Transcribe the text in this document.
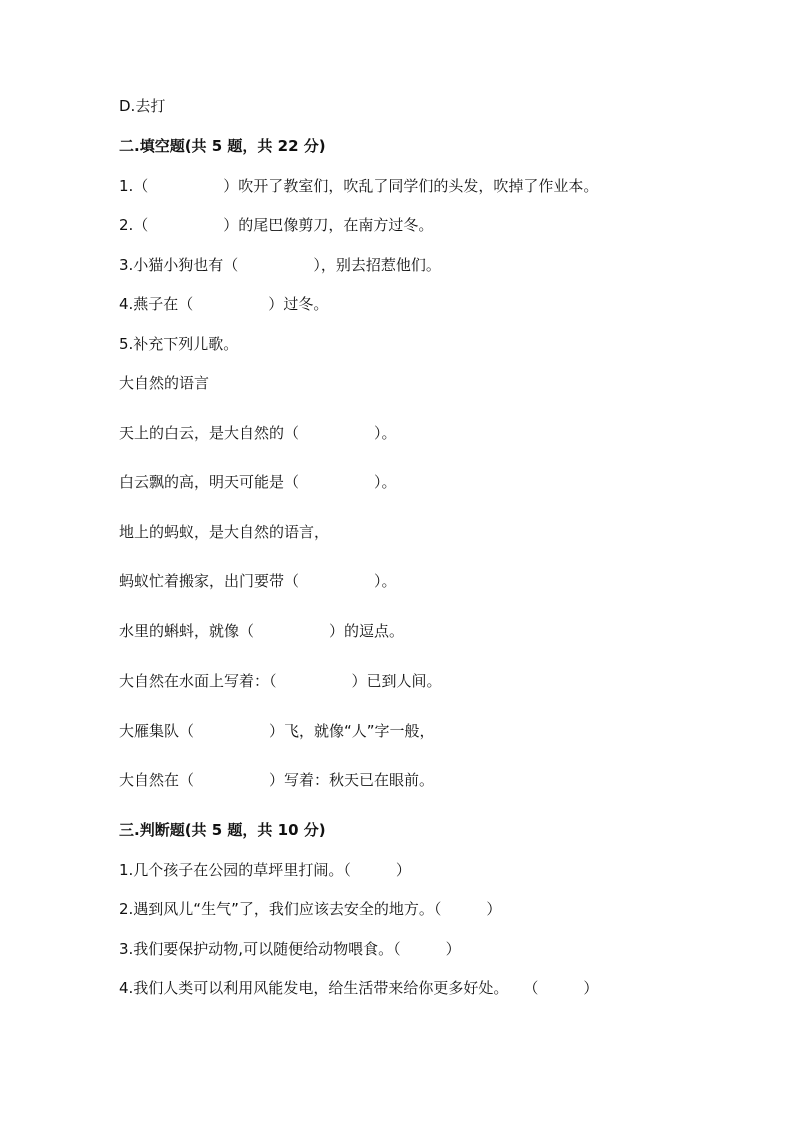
D.去打
二.填空题(共 5 题，共 22 分)
1.（　　　　　）吹开了教室们，吹乱了同学们的头发，吹掉了作业本。
2.（　　　　　）的尾巴像剪刀，在南方过冬。
3.小猫小狗也有（　　　　　），别去招惹他们。
4.燕子在（　　　　　）过冬。
5.补充下列儿歌。
大自然的语言
天上的白云，是大自然的（　　　　　）。
白云飘的高，明天可能是（　　　　　）。
地上的蚂蚁，是大自然的语言，
蚂蚁忙着搬家，出门要带（　　　　　）。
水里的蝌蚪，就像（　　　　　）的逗点。
大自然在水面上写着：（　　　　　）已到人间。
大雁集队（　　　　　）飞，就像“人”字一般，
大自然在（　　　　　）写着：秋天已在眼前。
三.判断题(共 5 题，共 10 分)
1.几个孩子在公园的草坪里打闹。（　　　）
2.遇到风儿“生气”了，我们应该去安全的地方。（　　　）
3.我们要保护动物,可以随便给动物喂食。（　　　）
4.我们人类可以利用风能发电，给生活带来给你更多好处。　　（　　　）
